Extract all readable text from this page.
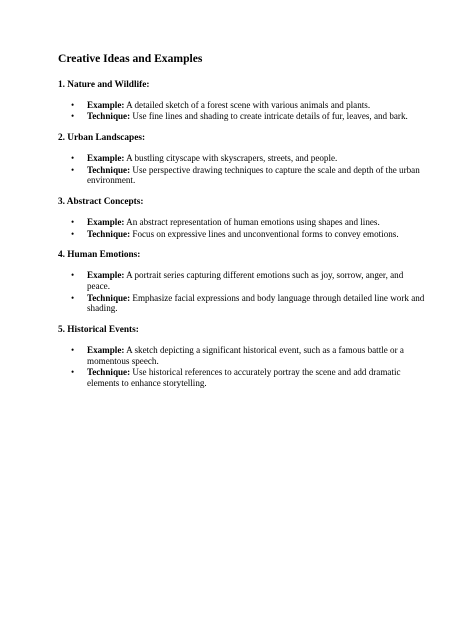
Creative Ideas and Examples
1. Nature and Wildlife:
• Example: A detailed sketch of a forest scene with various animals and plants.
• Technique: Use fine lines and shading to create intricate details of fur, leaves, and bark.
2. Urban Landscapes:
• Example: A bustling cityscape with skyscrapers, streets, and people.
• Technique: Use perspective drawing techniques to capture the scale and depth of the urban environment.
3. Abstract Concepts:
• Example: An abstract representation of human emotions using shapes and lines.
• Technique: Focus on expressive lines and unconventional forms to convey emotions.
4. Human Emotions:
• Example: A portrait series capturing different emotions such as joy, sorrow, anger, and peace.
• Technique: Emphasize facial expressions and body language through detailed line work and shading.
5. Historical Events:
• Example: A sketch depicting a significant historical event, such as a famous battle or a momentous speech.
• Technique: Use historical references to accurately portray the scene and add dramatic elements to enhance storytelling.
